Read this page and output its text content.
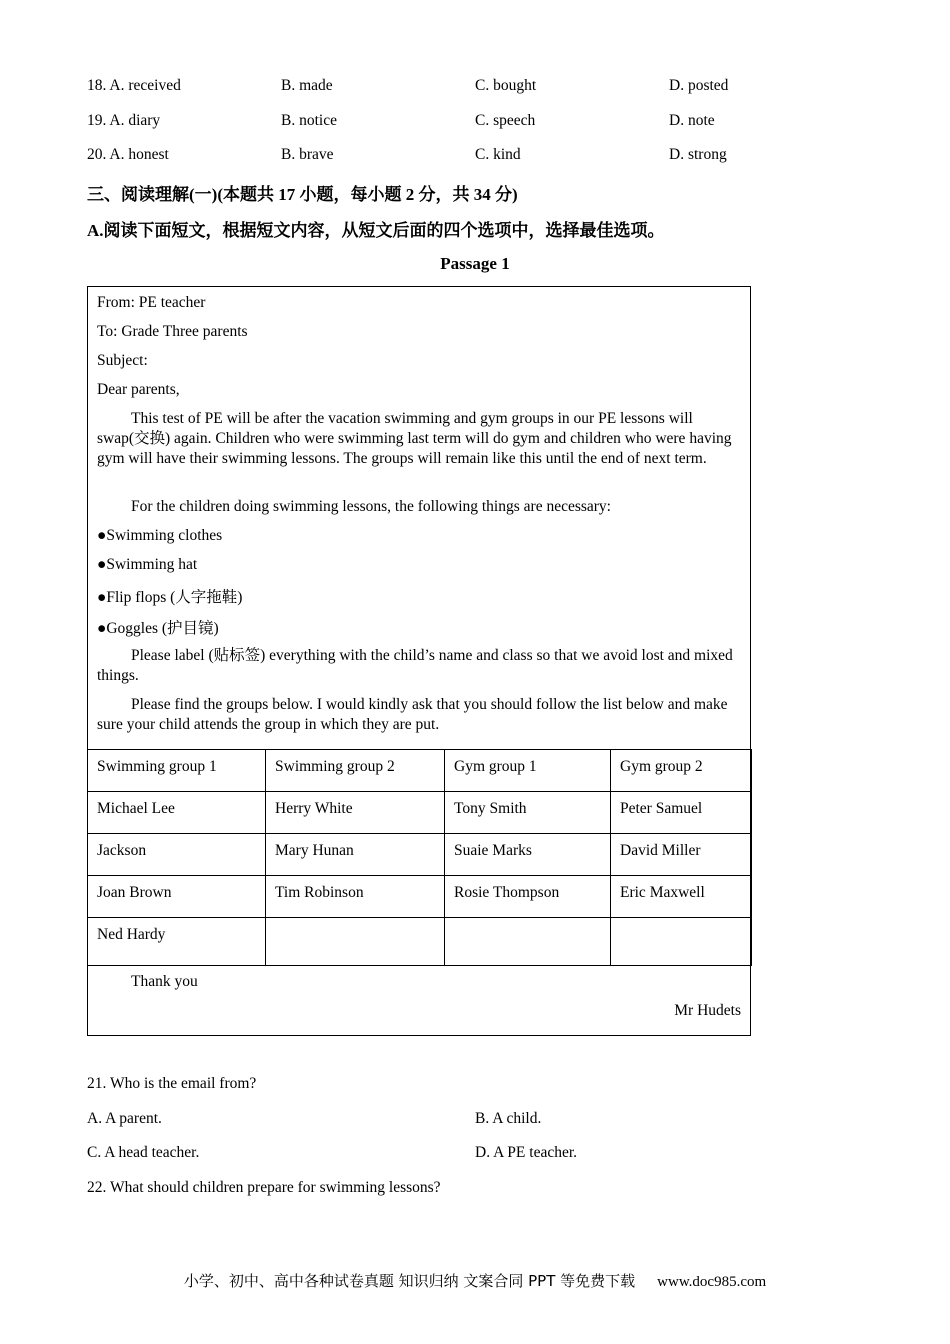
18. A. received	B. made	C. bought	D. posted
19. A. diary	B. notice	C. speech	D. note
20. A. honest	B. brave	C. kind	D. strong
三、阅读理解(一)(本题共 17 小题，每小题 2 分，共 34 分)
A.阅读下面短文，根据短文内容，从短文后面的四个选项中，选择最佳选项。
Passage 1
From: PE teacher
To: Grade Three parents
Subject:
Dear parents,
This test of PE will be after the vacation swimming and gym groups in our PE lessons will swap(交换) again. Children who were swimming last term will do gym and children who were having gym will have their swimming lessons. The groups will remain like this until the end of next term.
For the children doing swimming lessons, the following things are necessary:
●Swimming clothes
●Swimming hat
●Flip flops (人字拖鞋)
●Goggles (护目镜)
Please label (贴标签) everything with the child’s name and class so that we avoid lost and mixed things.
Please find the groups below. I would kindly ask that you should follow the list below and make sure your child attends the group in which they are put.
Swimming group 1	Swimming group 2	Gym group 1	Gym group 2
Michael Lee	Herry White	Tony Smith	Peter Samuel
Jackson	Mary Hunan	Suaie Marks	David Miller
Joan Brown	Tim Robinson	Rosie Thompson	Eric Maxwell
Ned Hardy			
Thank you
Mr Hudets
21. Who is the email from?
A. A parent.	B. A child.
C. A head teacher.	D. A PE teacher.
22. What should children prepare for swimming lessons?
小学、初中、高中各种试卷真题 知识归纳 文案合同 PPT 等免费下载 www.doc985.com
